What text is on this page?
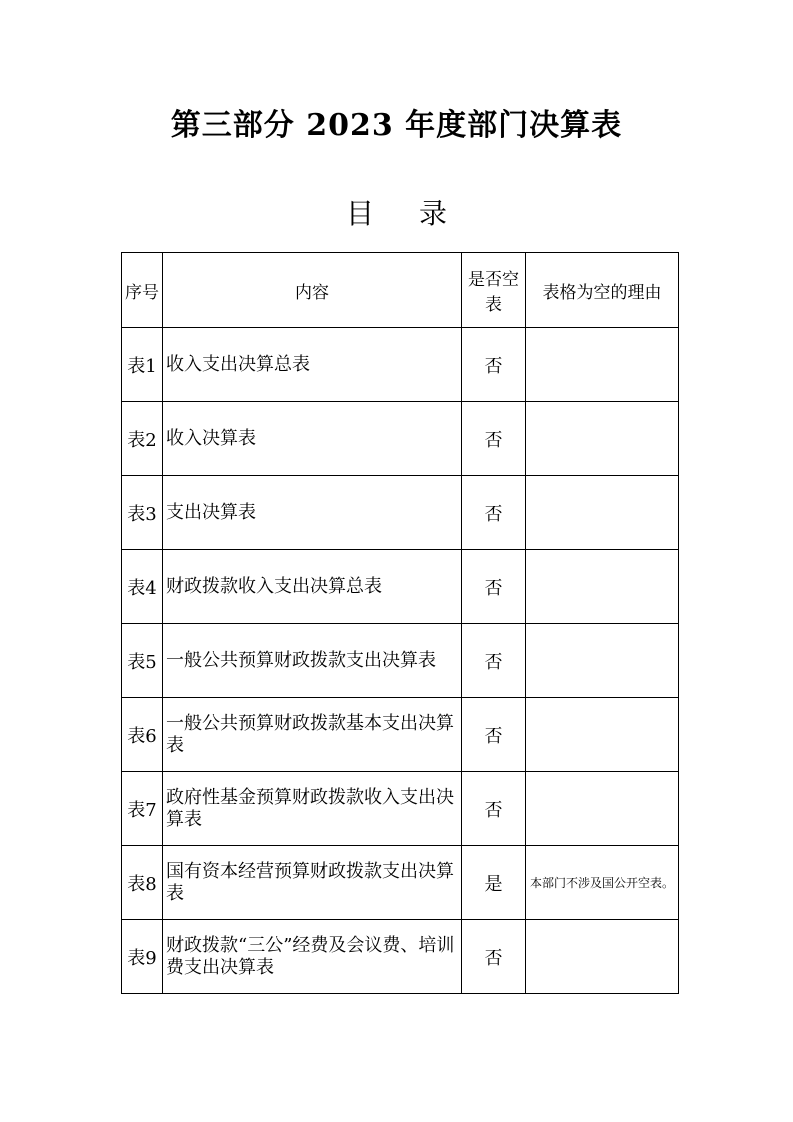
第三部分 2023 年度部门决算表
目 录
序号	内容	是否空表	表格为空的理由
表1	收入支出决算总表	否	
表2	收入决算表	否	
表3	支出决算表	否	
表4	财政拨款收入支出决算总表	否	
表5	一般公共预算财政拨款支出决算表	否	
表6	一般公共预算财政拨款基本支出决算表	否	
表7	政府性基金预算财政拨款收入支出决算表	否	
表8	国有资本经营预算财政拨款支出决算表	是	本部门不涉及国公开空表。
表9	财政拨款“三公”经费及会议费、培训费支出决算表	否	
